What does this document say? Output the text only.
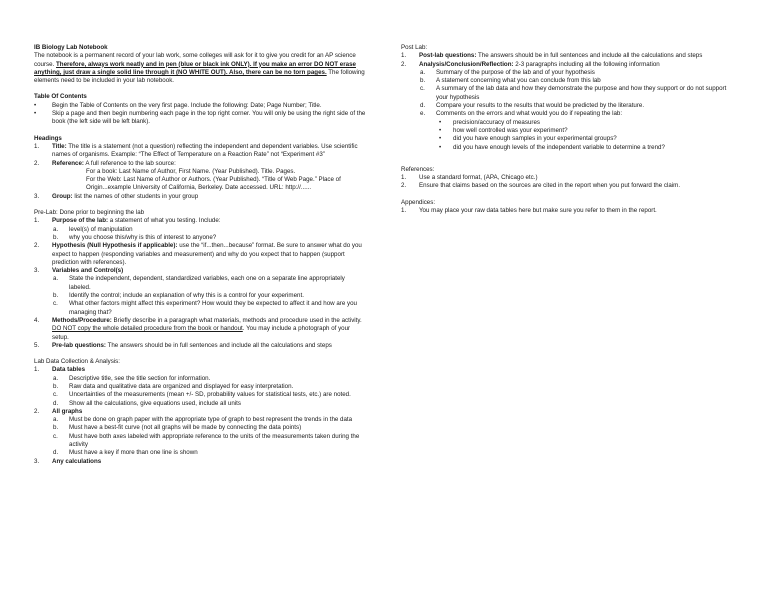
IB Biology Lab Notebook

The notebook is a permanent record of your lab work, some colleges will ask for it to give you credit for an AP science course. Therefore, always work neatly and in pen (blue or black ink ONLY). If you make an error DO NOT erase anything, just draw a single solid line through it (NO WHITE OUT). Also, there can be no torn pages. The following elements need to be included in your lab notebook.

Table Of Contents

•	Begin the Table of Contents on the very first page. Include the following: Date; Page Number; Title.
•	Skip a page and then begin numbering each page in the top right corner. You will only be using the right side of the book (the left side will be left blank).

Headings

1. Title: The title is a statement (not a question) reflecting the independent and dependent variables. Use scientific names of organisms. Example: “The Effect of Temperature on a Reaction Rate” not “Experiment #3”
2. Reference: A full reference to the lab source:
For a book: Last Name of Author, First Name. (Year Published). Title. Pages.
For the Web: Last Name of Author or Authors. (Year Published). “Title of Web Page.” Place of Origin...example University of California, Berkeley. Date accessed. URL: http://......
3. Group: list the names of other students in your group

Pre-Lab: Done prior to beginning the lab

1. Purpose of the lab: a statement of what you testing. Include:
a. level(s) of manipulation
b. why you choose this/why is this of interest to anyone?
2. Hypothesis (Null Hypothesis if applicable): use the “if...then...because” format. Be sure to answer what do you expect to happen (responding variables and measurement) and why do you expect that to happen (support prediction with references).
3. Variables and Control(s)
a. State the independent, dependent, standardized variables, each one on a separate line appropriately labeled.
b. Identify the control; include an explanation of why this is a control for your experiment.
c. What other factors might affect this experiment? How would they be expected to affect it and how are you managing that?
4. Methods/Procedure: Briefly describe in a paragraph what materials, methods and procedure used in the activity. DO NOT copy the whole detailed procedure from the book or handout. You may include a photograph of your setup.
5. Pre-lab questions: The answers should be in full sentences and include all the calculations and steps

Lab Data Collection & Analysis:

1. Data tables
a. Descriptive title, see the title section for information.
b. Raw data and qualitative data are organized and displayed for easy interpretation.
c. Uncertainties of the measurements (mean +/- SD, probability values for statistical tests, etc.) are noted.
d. Show all the calculations, give equations used, include all units
2. All graphs
a. Must be done on graph paper with the appropriate type of graph to best represent the trends in the data
b. Must have a best-fit curve (not all graphs will be made by connecting the data points)
c. Must have both axes labeled with appropriate reference to the units of the measurements taken during the activity
d. Must have a key if more than one line is shown
3. Any calculations

Post Lab:

1. Post-lab questions: The answers should be in full sentences and include all the calculations and steps
2. Analysis/Conclusion/Reflection: 2-3 paragraphs including all the following information
a. Summary of the purpose of the lab and of your hypothesis
b. A statement concerning what you can conclude from this lab
c. A summary of the lab data and how they demonstrate the purpose and how they support or do not support your hypothesis
d. Compare your results to the results that would be predicted by the literature.
e. Comments on the errors and what would you do if repeating the lab:
• precision/accuracy of measures
• how well controlled was your experiment?
• did you have enough samples in your experimental groups?
• did you have enough levels of the independent variable to determine a trend?

References:

1. Use a standard format, (APA, Chicago etc.)
2. Ensure that claims based on the sources are cited in the report when you put forward the claim.

Appendices:

1. You may place your raw data tables here but make sure you refer to them in the report.
